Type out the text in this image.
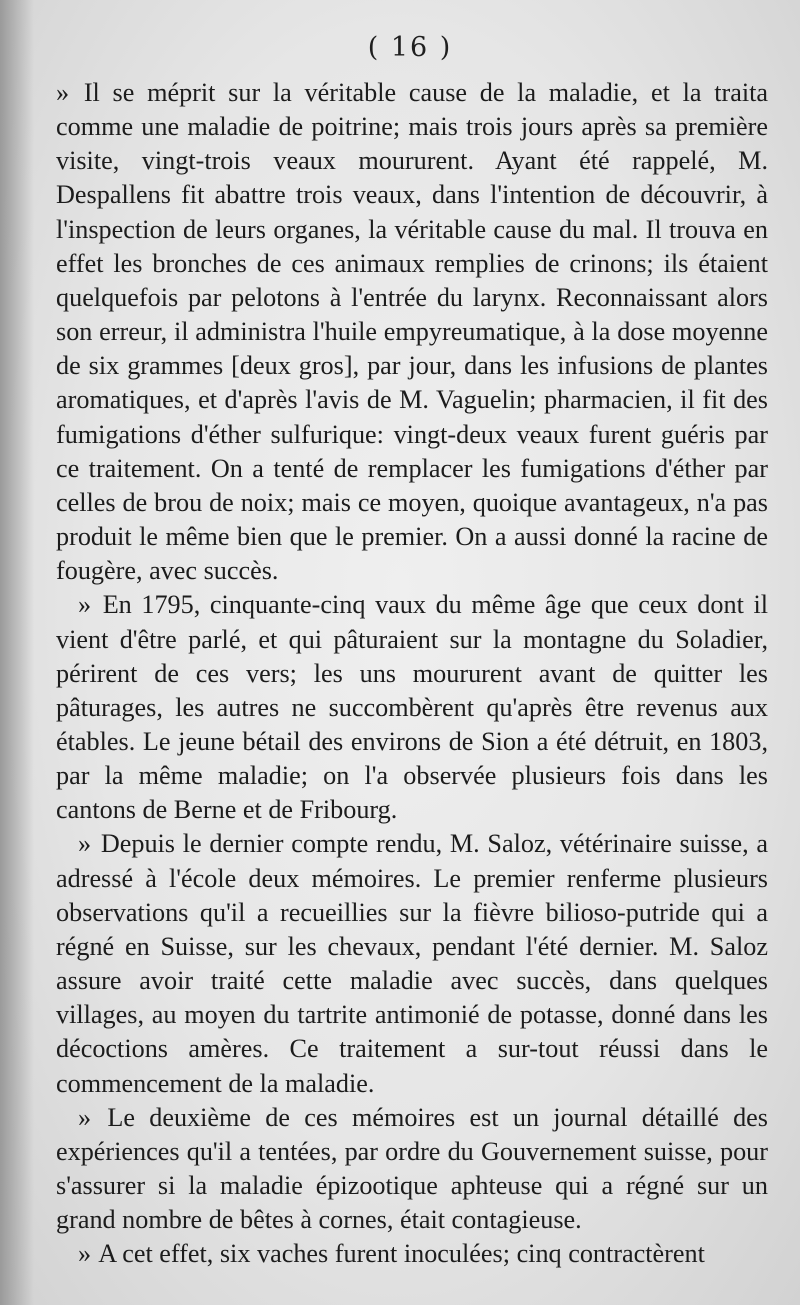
( 16 )

» Il se méprit sur la véritable cause de la maladie, et la traita comme une maladie de poitrine; mais trois jours après sa première visite, vingt-trois veaux moururent. Ayant été rappelé, M. Despallens fit abattre trois veaux, dans l'intention de découvrir, à l'inspection de leurs organes, la véritable cause du mal. Il trouva en effet les bronches de ces animaux remplies de crinons; ils étaient quelquefois par pelotons à l'entrée du larynx. Reconnaissant alors son erreur, il administra l'huile empyreumatique, à la dose moyenne de six grammes [deux gros], par jour, dans les infusions de plantes aromatiques, et d'après l'avis de M. Vaguelin; pharmacien, il fit des fumigations d'éther sulfurique: vingt-deux veaux furent guéris par ce traitement. On a tenté de remplacer les fumigations d'éther par celles de brou de noix; mais ce moyen, quoique avantageux, n'a pas produit le même bien que le premier. On a aussi donné la racine de fougère, avec succès.

» En 1795, cinquante-cinq vaux du même âge que ceux dont il vient d'être parlé, et qui pâturaient sur la montagne du Soladier, périrent de ces vers; les uns moururent avant de quitter les pâturages, les autres ne succombèrent qu'après être revenus aux étables. Le jeune bétail des environs de Sion a été détruit, en 1803, par la même maladie; on l'a observée plusieurs fois dans les cantons de Berne et de Fribourg.

» Depuis le dernier compte rendu, M. Saloz, vétérinaire suisse, a adressé à l'école deux mémoires. Le premier renferme plusieurs observations qu'il a recueillies sur la fièvre bilioso-putride qui a régné en Suisse, sur les chevaux, pendant l'été dernier. M. Saloz assure avoir traité cette maladie avec succès, dans quelques villages, au moyen du tartrite antimonié de potasse, donné dans les décoctions amères. Ce traitement a sur-tout réussi dans le commencement de la maladie.

» Le deuxième de ces mémoires est un journal détaillé des expériences qu'il a tentées, par ordre du Gouvernement suisse, pour s'assurer si la maladie épizootique aphteuse qui a régné sur un grand nombre de bêtes à cornes, était contagieuse.

» A cet effet, six vaches furent inoculées; cinq contractèrent
